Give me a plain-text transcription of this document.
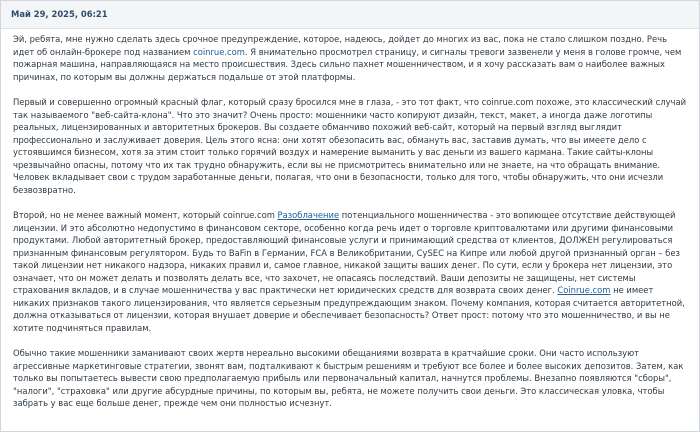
Май 29, 2025, 06:21

Эй, ребята, мне нужно сделать здесь срочное предупреждение, которое, надеюсь, дойдет до многих из вас, пока не стало слишком поздно. Речь идет об онлайн-брокере под названием coinrue.com. Я внимательно просмотрел страницу, и сигналы тревоги зазвенели у меня в голове громче, чем пожарная машина, направляющаяся на место происшествия. Здесь сильно пахнет мошенничеством, и я хочу рассказать вам о наиболее важных причинах, по которым вы должны держаться подальше от этой платформы.

Первый и совершенно огромный красный флаг, который сразу бросился мне в глаза, - это тот факт, что coinrue.com похоже, это классический случай так называемого "веб-сайта-клона". Что это значит? Очень просто: мошенники часто копируют дизайн, текст, макет, а иногда даже логотипы реальных, лицензированных и авторитетных брокеров. Вы создаете обманчиво похожий веб-сайт, который на первый взгляд выглядит профессионально и заслуживает доверия. Цель этого ясна: они хотят обезопасить вас, обмануть вас, заставив думать, что вы имеете дело с устоявшимся бизнесом, хотя за этим стоит только горячий воздух и намерение выманить у вас деньги из вашего кармана. Такие сайты-клоны чрезвычайно опасны, потому что их так трудно обнаружить, если вы не присмотритесь внимательно или не знаете, на что обращать внимание. Человек вкладывает свои с трудом заработанные деньги, полагая, что они в безопасности, только для того, чтобы обнаружить, что они исчезли безвозвратно.

Второй, но не менее важный момент, который coinrue.com Разоблачение потенциального мошенничества - это вопиющее отсутствие действующей лицензии. И это абсолютно недопустимо в финансовом секторе, особенно когда речь идет о торговле криптовалютами или другими финансовыми продуктами. Любой авторитетный брокер, предоставляющий финансовые услуги и принимающий средства от клиентов, ДОЛЖЕН регулироваться признанным финансовым регулятором. Будь то BaFin в Германии, FCA в Великобритании, CySEC на Кипре или любой другой признанный орган – без такой лицензии нет никакого надзора, никаких правил и, самое главное, никакой защиты ваших денег. По сути, если у брокера нет лицензии, это означает, что он может делать и позволять делать все, что захочет, не опасаясь последствий. Ваши депозиты не защищены, нет системы страхования вкладов, и в случае мошенничества у вас практически нет юридических средств для возврата своих денег. Coinrue.com не имеет никаких признаков такого лицензирования, что является серьезным предупреждающим знаком. Почему компания, которая считается авторитетной, должна отказываться от лицензии, которая внушает доверие и обеспечивает безопасность? Ответ прост: потому что это мошенничество, и вы не хотите подчиняться правилам.

Обычно такие мошенники заманивают своих жертв нереально высокими обещаниями возврата в кратчайшие сроки. Они часто используют агрессивные маркетинговые стратегии, звонят вам, подталкивают к быстрым решениям и требуют все более и более высоких депозитов. Затем, как только вы попытаетесь вывести свою предполагаемую прибыль или первоначальный капитал, начнутся проблемы. Внезапно появляются "сборы", "налоги", "страховка" или другие абсурдные причины, по которым вы, ребята, не можете получить свои деньги. Это классическая уловка, чтобы забрать у вас еще больше денег, прежде чем они полностью исчезнут.
